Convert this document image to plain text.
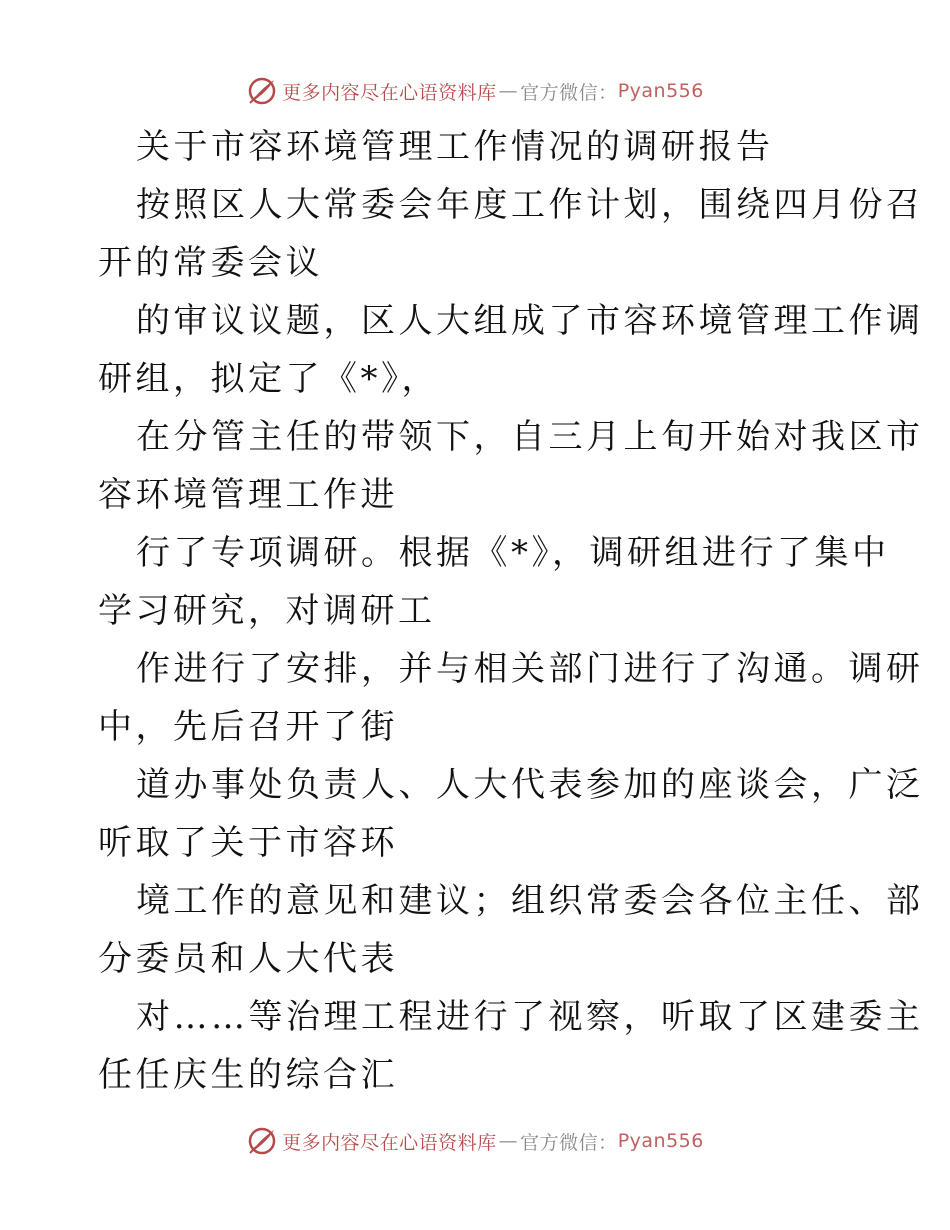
更多内容尽在心语资料库 — 官方微信： Pyan556
关于市容环境管理工作情况的调研报告
按照区人大常委会年度工作计划，围绕四月份召
开的常委会议
的审议议题，区人大组成了市容环境管理工作调
研组，拟定了《*》，
在分管主任的带领下，自三月上旬开始对我区市
容环境管理工作进
行了专项调研。根据《*》，调研组进行了集中
学习研究，对调研工
作进行了安排，并与相关部门进行了沟通。调研
中，先后召开了街
道办事处负责人、人大代表参加的座谈会，广泛
听取了关于市容环
境工作的意见和建议；组织常委会各位主任、部
分委员和人大代表
对……等治理工程进行了视察，听取了区建委主
任任庆生的综合汇
更多内容尽在心语资料库 — 官方微信： Pyan556
